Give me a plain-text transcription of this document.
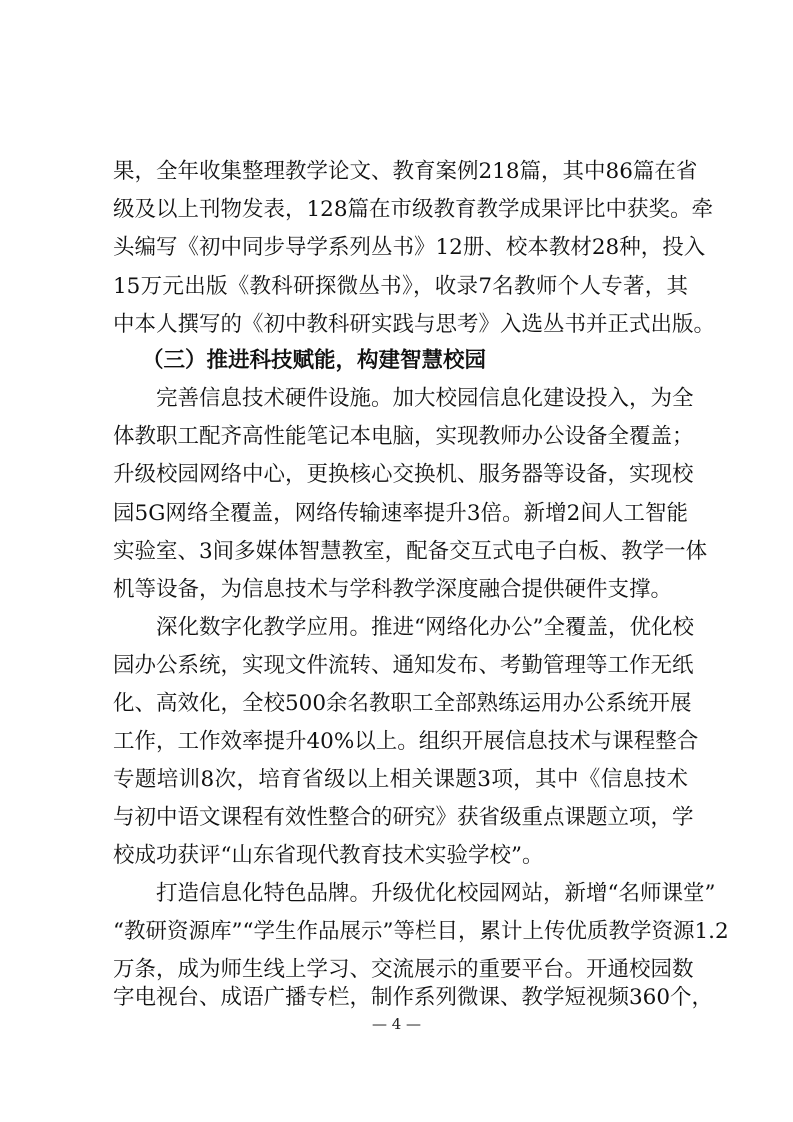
果，全年收集整理教学论文、教育案例218篇，其中86篇在省
级及以上刊物发表，128篇在市级教育教学成果评比中获奖。牵
头编写《初中同步导学系列丛书》12册、校本教材28种，投入
15万元出版《教科研探微丛书》，收录7名教师个人专著，其
中本人撰写的《初中教科研实践与思考》入选丛书并正式出版。
（三）推进科技赋能，构建智慧校园
完善信息技术硬件设施。加大校园信息化建设投入，为全
体教职工配齐高性能笔记本电脑，实现教师办公设备全覆盖；
升级校园网络中心，更换核心交换机、服务器等设备，实现校
园5G网络全覆盖，网络传输速率提升3倍。新增2间人工智能
实验室、3间多媒体智慧教室，配备交互式电子白板、教学一体
机等设备，为信息技术与学科教学深度融合提供硬件支撑。
深化数字化教学应用。推进“网络化办公”全覆盖，优化校
园办公系统，实现文件流转、通知发布、考勤管理等工作无纸
化、高效化，全校500余名教职工全部熟练运用办公系统开展
工作，工作效率提升40%以上。组织开展信息技术与课程整合
专题培训8次，培育省级以上相关课题3项，其中《信息技术
与初中语文课程有效性整合的研究》获省级重点课题立项，学
校成功获评“山东省现代教育技术实验学校”。
打造信息化特色品牌。升级优化校园网站，新增“名师课堂”
“教研资源库”“学生作品展示”等栏目，累计上传优质教学资源1.2
万条，成为师生线上学习、交流展示的重要平台。开通校园数
字电视台、成语广播专栏，制作系列微课、教学短视频360个，
— 4 —
